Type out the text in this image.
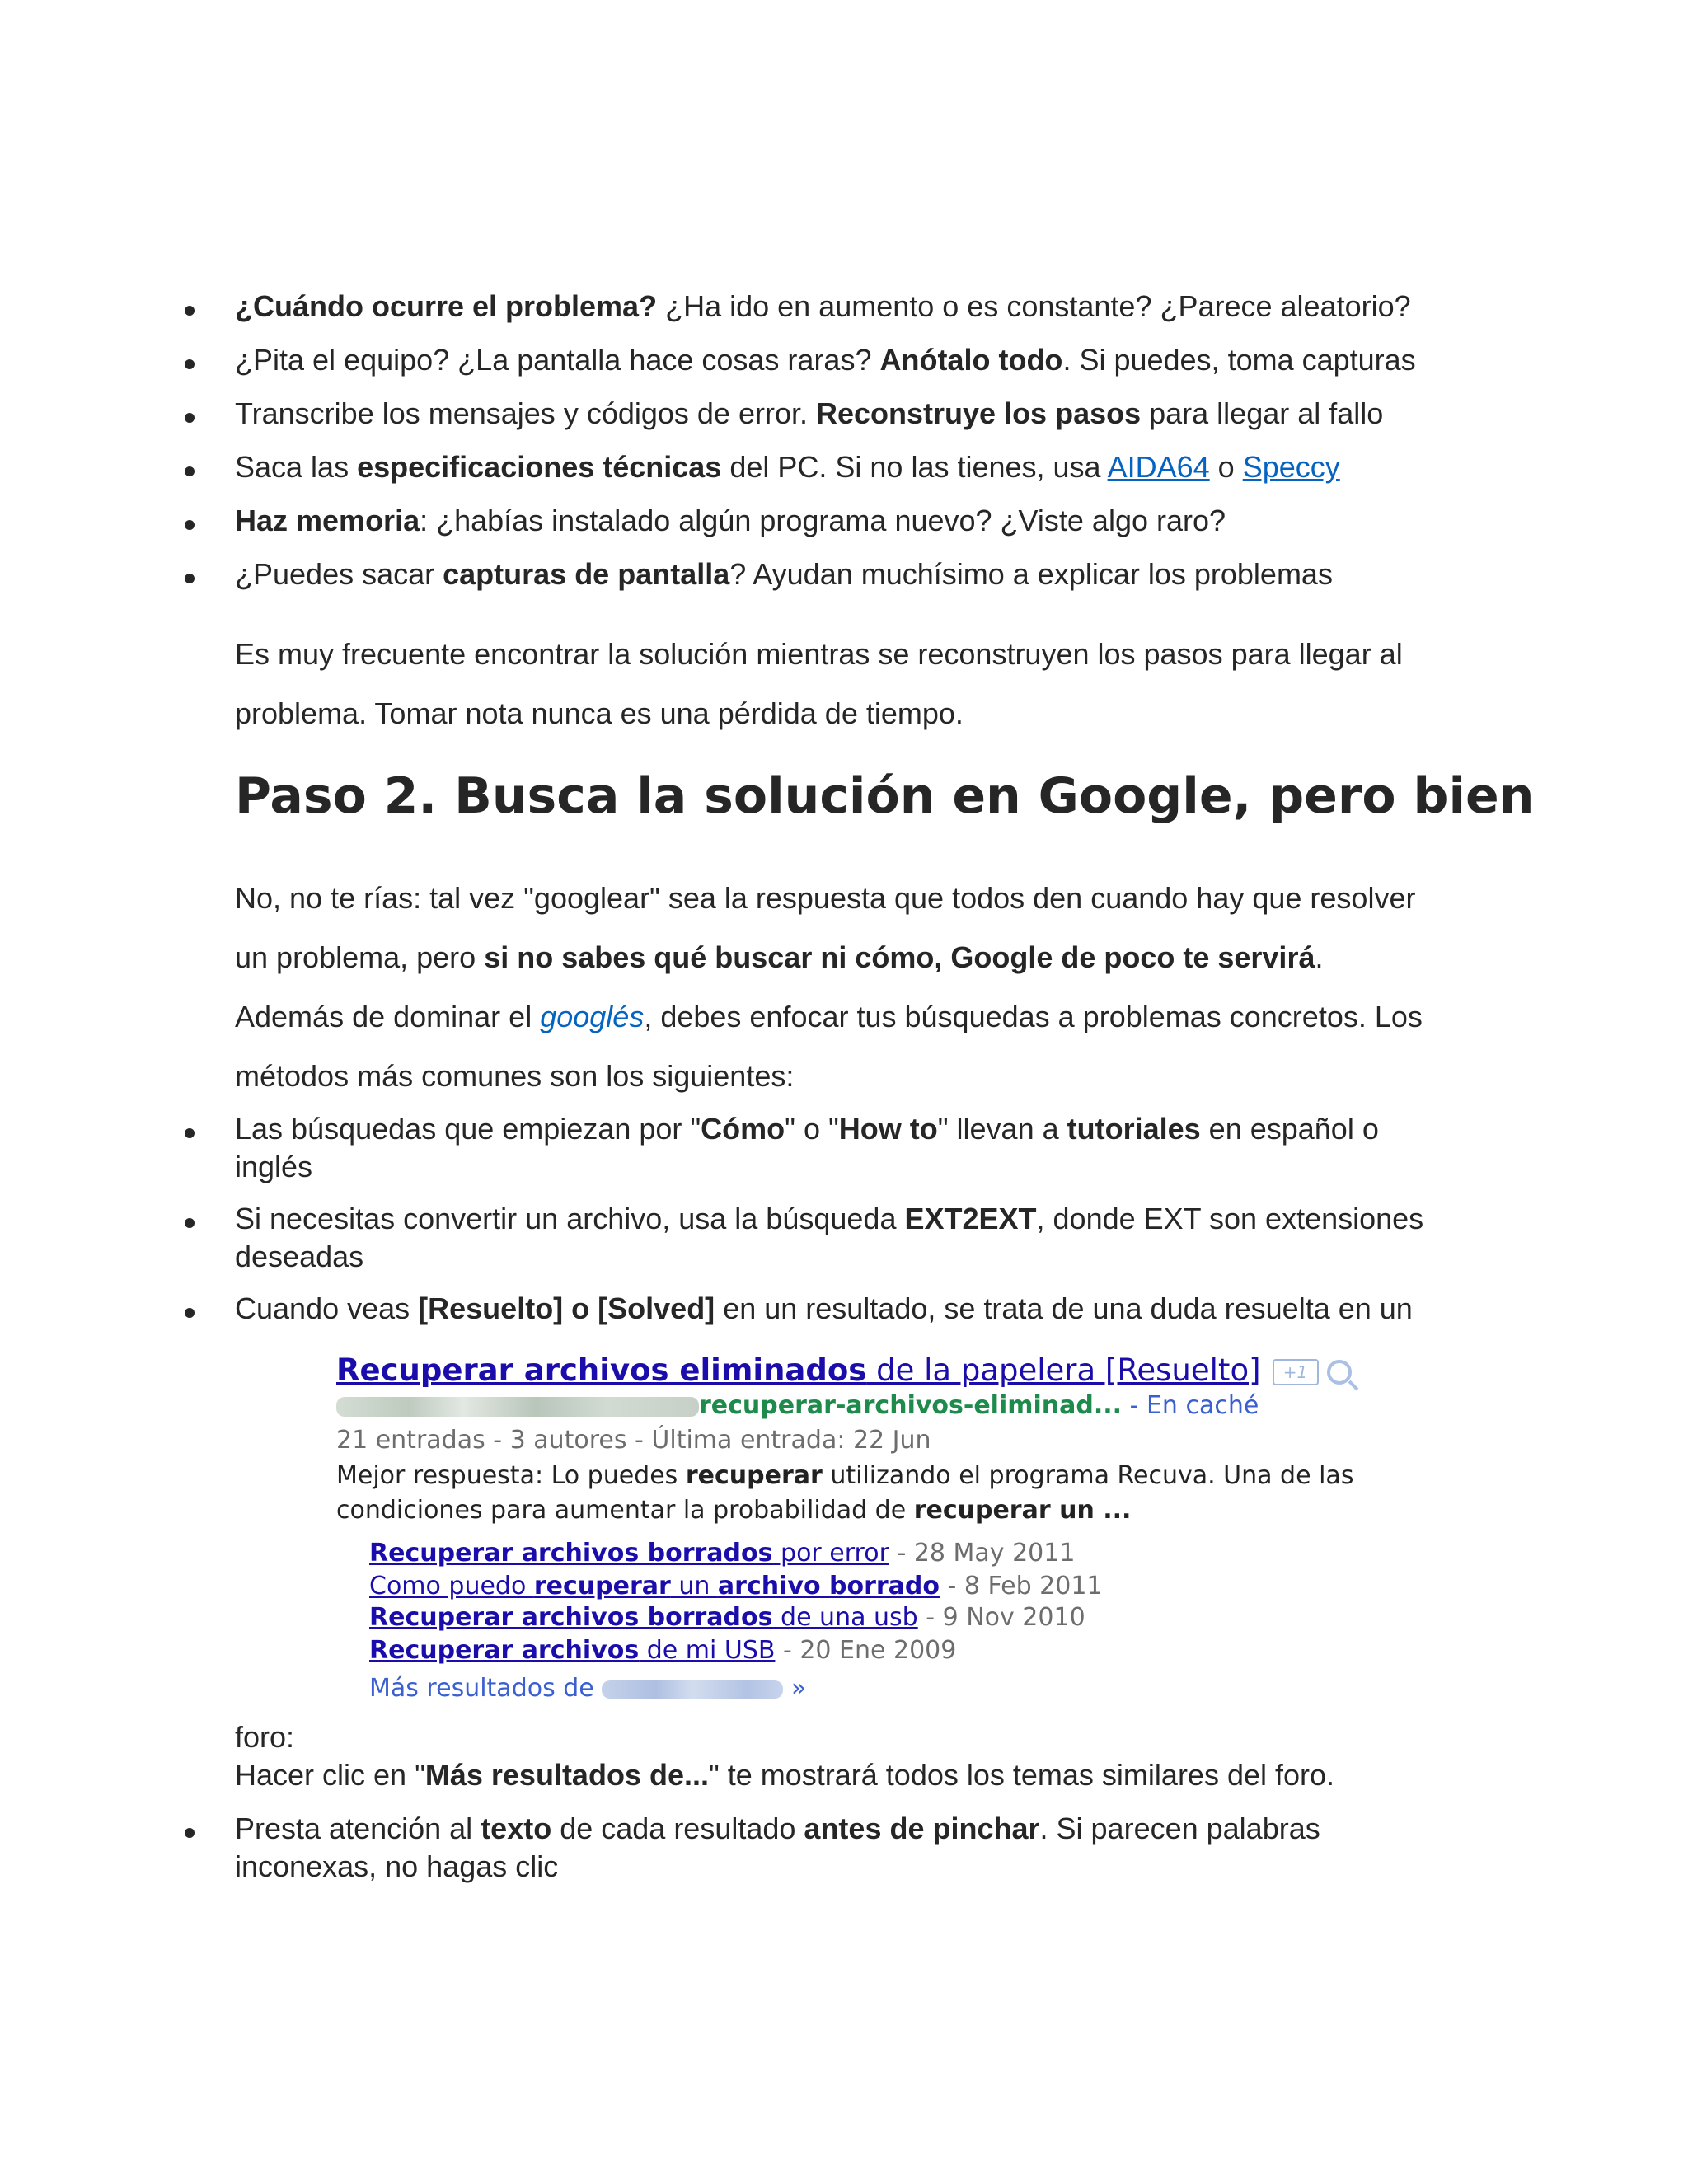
¿Cuándo ocurre el problema? ¿Ha ido en aumento o es constante? ¿Parece aleatorio?

¿Pita el equipo? ¿La pantalla hace cosas raras? Anótalo todo. Si puedes, toma capturas

Transcribe los mensajes y códigos de error. Reconstruye los pasos para llegar al fallo

Saca las especificaciones técnicas del PC. Si no las tienes, usa AIDA64 o Speccy

Haz memoria: ¿habías instalado algún programa nuevo? ¿Viste algo raro?

¿Puedes sacar capturas de pantalla? Ayudan muchísimo a explicar los problemas

Es muy frecuente encontrar la solución mientras se reconstruyen los pasos para llegar al

problema. Tomar nota nunca es una pérdida de tiempo.

Paso 2. Busca la solución en Google, pero bien

No, no te rías: tal vez "googlear" sea la respuesta que todos den cuando hay que resolver

un problema, pero si no sabes qué buscar ni cómo, Google de poco te servirá.

Además de dominar el googlés, debes enfocar tus búsquedas a problemas concretos. Los

métodos más comunes son los siguientes:

Las búsquedas que empiezan por "Cómo" o "How to" llevan a tutoriales en español o

inglés

Si necesitas convertir un archivo, usa la búsqueda EXT2EXT, donde EXT son extensiones

deseadas

Cuando veas [Resuelto] o [Solved] en un resultado, se trata de una duda resuelta en un

Recuperar archivos eliminados de la papelera [Resuelto] +1
recuperar-archivos-eliminad... - En caché
21 entradas - 3 autores - Última entrada: 22 Jun
Mejor respuesta: Lo puedes recuperar utilizando el programa Recuva. Una de las
condiciones para aumentar la probabilidad de recuperar un ...
Recuperar archivos borrados por error - 28 May 2011
Como puedo recuperar un archivo borrado - 8 Feb 2011
Recuperar archivos borrados de una usb - 9 Nov 2010
Recuperar archivos de mi USB - 20 Ene 2009
Más resultados de	»

foro:

Hacer clic en "Más resultados de..." te mostrará todos los temas similares del foro.

Presta atención al texto de cada resultado antes de pinchar. Si parecen palabras

inconexas, no hagas clic
